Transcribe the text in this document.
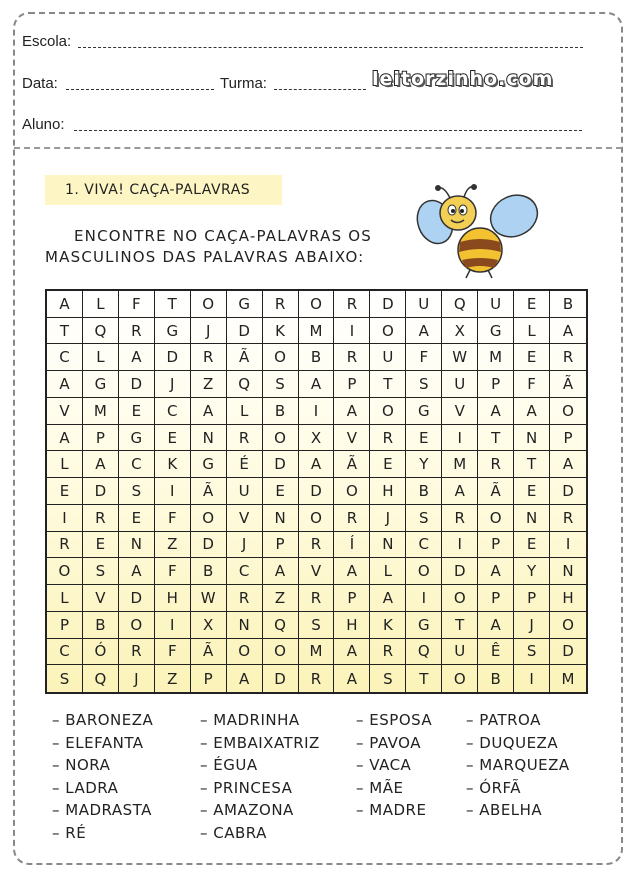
Escola:
Data:	Turma:	leitorzinho.com
Aluno:
1. VIVA! CAÇA-PALAVRAS
ENCONTRE NO CAÇA-PALAVRAS OS
MASCULINOS DAS PALAVRAS ABAIXO:
A	L	F	T	O	G	R	O	R	D	U	Q	U	E	B
T	Q	R	G	J	D	K	M	I	O	A	X	G	L	A
C	L	A	D	R	Ã	O	B	R	U	F	W	M	E	R
A	G	D	J	Z	Q	S	A	P	T	S	U	P	F	Ã
V	M	E	C	A	L	B	I	A	O	G	V	A	A	O
A	P	G	E	N	R	O	X	V	R	E	I	T	N	P
L	A	C	K	G	É	D	A	Ã	E	Y	M	R	T	A
E	D	S	I	Ã	U	E	D	O	H	B	A	Ã	E	D
I	R	E	F	O	V	N	O	R	J	S	R	O	N	R
R	E	N	Z	D	J	P	R	Í	N	C	I	P	E	I
O	S	A	F	B	C	A	V	A	L	O	D	A	Y	N
L	V	D	H	W	R	Z	R	P	A	I	O	P	P	H
P	B	O	I	X	N	Q	S	H	K	G	T	A	J	O
C	Ó	R	F	Ã	O	O	M	A	R	Q	U	Ê	S	D
S	Q	J	Z	P	A	D	R	A	S	T	O	B	I	M
– BARONEZA
– ELEFANTA
– NORA
– LADRA
– MADRASTA
– RÉ
– MADRINHA
– EMBAIXATRIZ
– ÉGUA
– PRINCESA
– AMAZONA
– CABRA
– ESPOSA
– PAVOA
– VACA
– MÃE
– MADRE
– PATROA
– DUQUEZA
– MARQUEZA
– ÓRFÃ
– ABELHA
